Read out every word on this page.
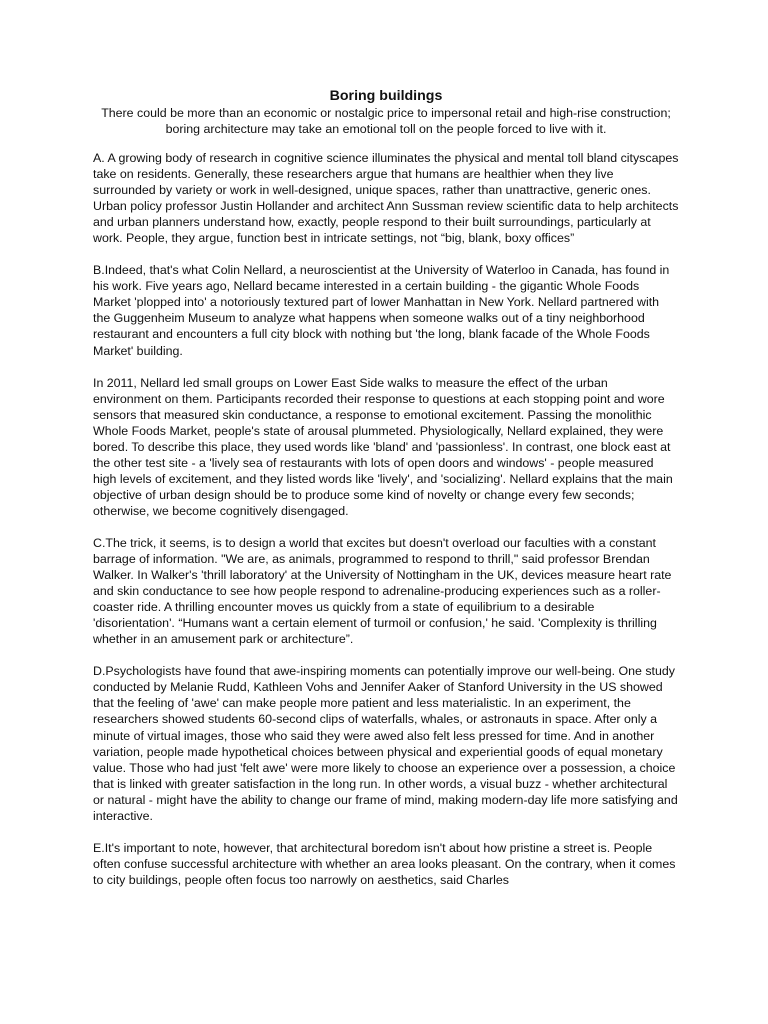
Boring buildings

There could be more than an economic or nostalgic price to impersonal retail and high-rise construction; boring architecture may take an emotional toll on the people forced to live with it.

A. A growing body of research in cognitive science illuminates the physical and mental toll bland cityscapes take on residents. Generally, these researchers argue that humans are healthier when they live surrounded by variety or work in well-designed, unique spaces, rather than unattractive, generic ones. Urban policy professor Justin Hollander and architect Ann Sussman review scientific data to help architects and urban planners understand how, exactly, people respond to their built surroundings, particularly at work. People, they argue, function best in intricate settings, not “big, blank, boxy offices”

B.Indeed, that's what Colin Nellard, a neuroscientist at the University of Waterloo in Canada, has found in his work. Five years ago, Nellard became interested in a certain building - the gigantic Whole Foods Market 'plopped into' a notoriously textured part of lower Manhattan in New York. Nellard partnered with the Guggenheim Museum to analyze what happens when someone walks out of a tiny neighborhood restaurant and encounters a full city block with nothing but 'the long, blank facade of the Whole Foods Market' building.

In 2011, Nellard led small groups on Lower East Side walks to measure the effect of the urban environment on them. Participants recorded their response to questions at each stopping point and wore sensors that measured skin conductance, a response to emotional excitement. Passing the monolithic Whole Foods Market, people's state of arousal plummeted. Physiologically, Nellard explained, they were bored. To describe this place, they used words like 'bland' and 'passionless'. In contrast, one block east at the other test site - a 'lively sea of restaurants with lots of open doors and windows' - people measured high levels of excitement, and they listed words like 'lively', and 'socializing'. Nellard explains that the main objective of urban design should be to produce some kind of novelty or change every few seconds; otherwise, we become cognitively disengaged.

C.The trick, it seems, is to design a world that excites but doesn't overload our faculties with a constant barrage of information. "We are, as animals, programmed to respond to thrill," said professor Brendan Walker. In Walker's 'thrill laboratory' at the University of Nottingham in the UK, devices measure heart rate and skin conductance to see how people respond to adrenaline-producing experiences such as a roller-coaster ride. A thrilling encounter moves us quickly from a state of equilibrium to a desirable 'disorientation'. “Humans want a certain element of turmoil or confusion,' he said. 'Complexity is thrilling whether in an amusement park or architecture”.

D.Psychologists have found that awe-inspiring moments can potentially improve our well-being. One study conducted by Melanie Rudd, Kathleen Vohs and Jennifer Aaker of Stanford University in the US showed that the feeling of 'awe' can make people more patient and less materialistic. In an experiment, the researchers showed students 60-second clips of waterfalls, whales, or astronauts in space. After only a minute of virtual images, those who said they were awed also felt less pressed for time. And in another variation, people made hypothetical choices between physical and experiential goods of equal monetary value. Those who had just 'felt awe' were more likely to choose an experience over a possession, a choice that is linked with greater satisfaction in the long run. In other words, a visual buzz - whether architectural or natural - might have the ability to change our frame of mind, making modern-day life more satisfying and interactive.

E.It's important to note, however, that architectural boredom isn't about how pristine a street is. People often confuse successful architecture with whether an area looks pleasant. On the contrary, when it comes to city buildings, people often focus too narrowly on aesthetics, said Charles
